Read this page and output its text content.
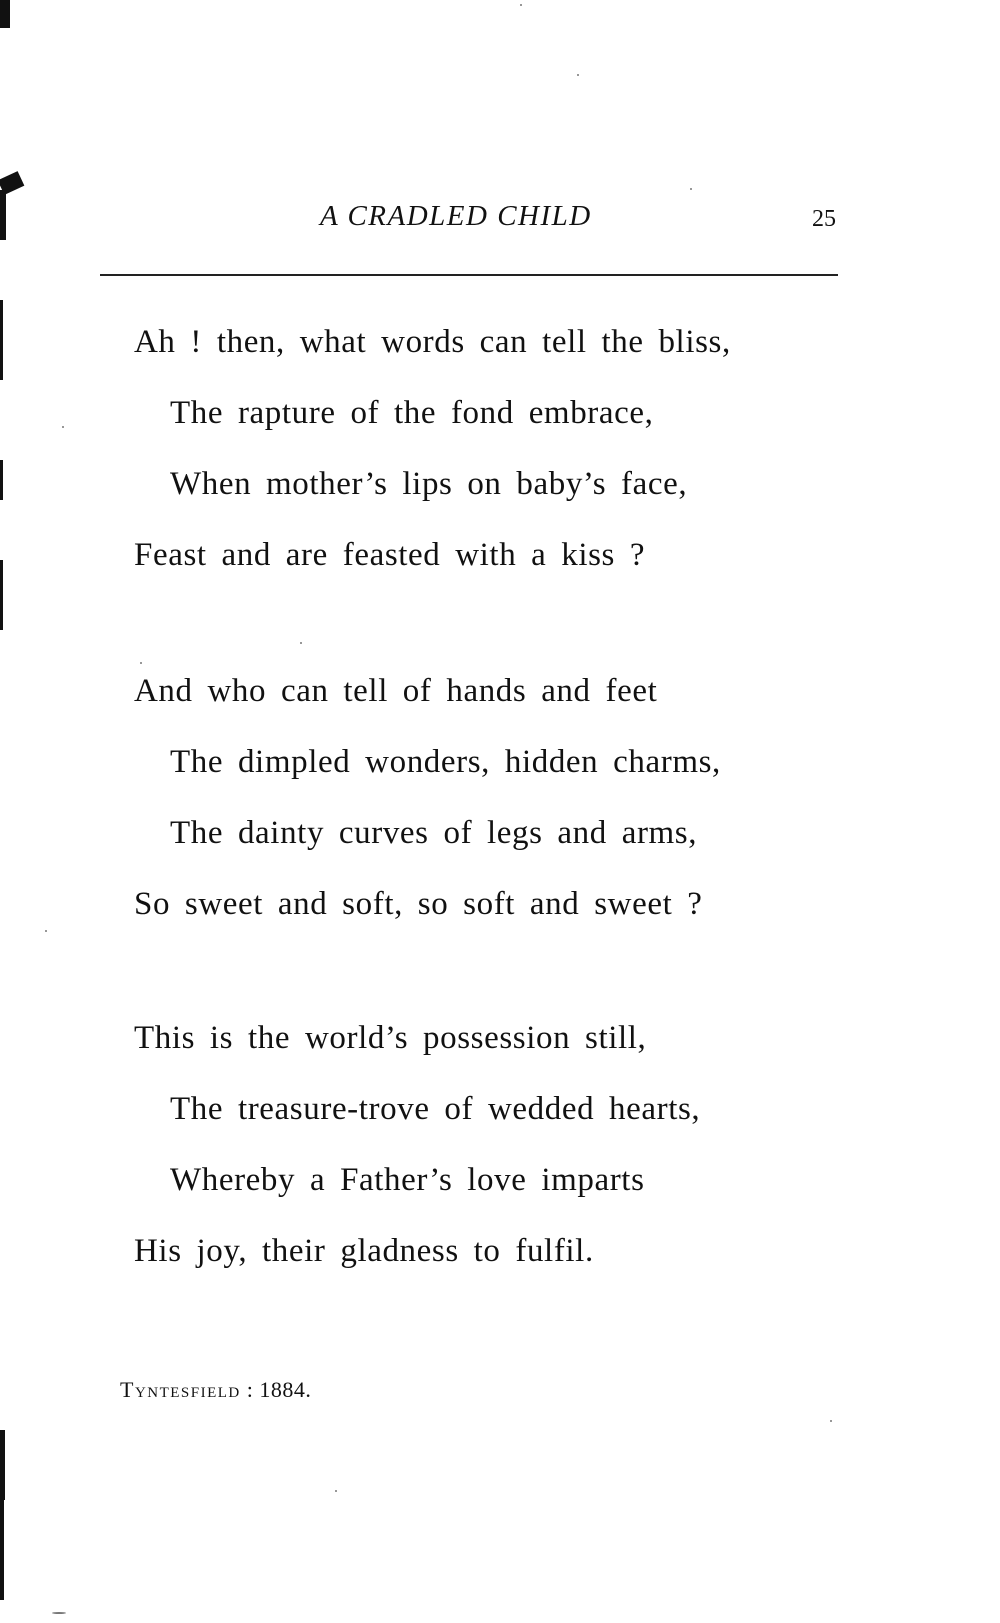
A CRADLED CHILD	25
Ah ! then, what words can tell the bliss,
The rapture of the fond embrace,
When mother’s lips on baby’s face,
Feast and are feasted with a kiss ?
And who can tell of hands and feet
The dimpled wonders, hidden charms,
The dainty curves of legs and arms,
So sweet and soft, so soft and sweet ?
This is the world’s possession still,
The treasure-trove of wedded hearts,
Whereby a Father’s love imparts
His joy, their gladness to fulfil.
Tyntesfield : 1884.
